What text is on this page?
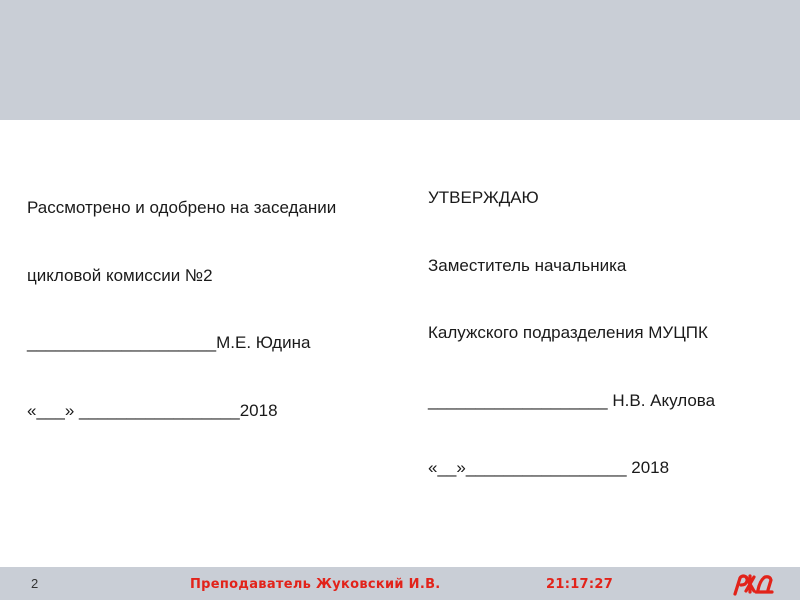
Рассмотрено и одобрено на заседании

цикловой комиссии №2

____________________М.Е. Юдина

«___» _________________2018

УТВЕРЖДАЮ

Заместитель начальника

Калужского подразделения МУЦПК

___________________ Н.В. Акулова

«__»_________________ 2018

2	Преподаватель Жуковский И.В.	21:17:27
